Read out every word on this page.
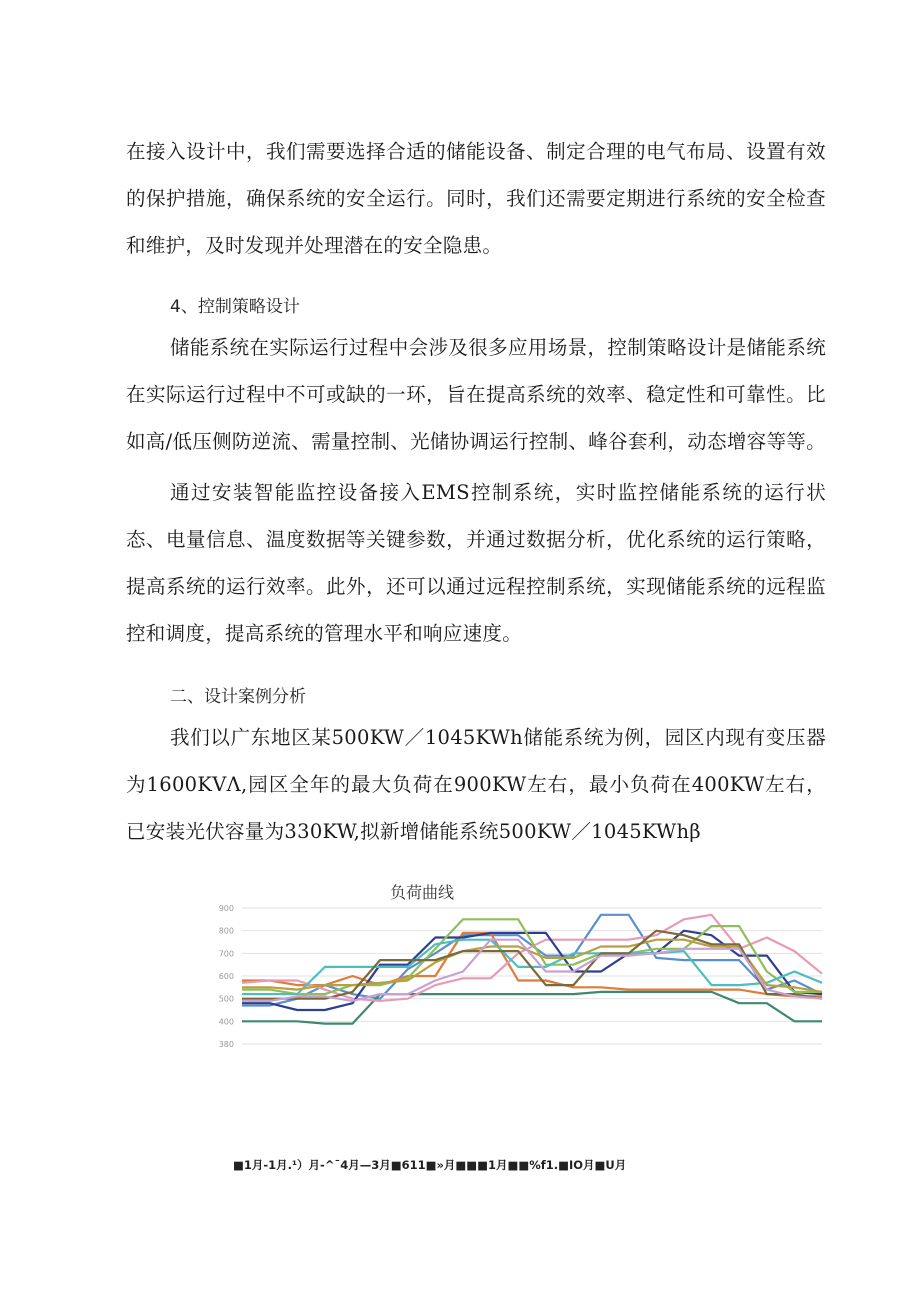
在接入设计中，我们需要选择合适的储能设备、制定合理的电气布局、设置有效的保护措施，确保系统的安全运行。同时，我们还需要定期进行系统的安全检查和维护，及时发现并处理潜在的安全隐患。

4、控制策略设计

储能系统在实际运行过程中会涉及很多应用场景，控制策略设计是储能系统在实际运行过程中不可或缺的一环，旨在提高系统的效率、稳定性和可靠性。比如高/低压侧防逆流、需量控制、光储协调运行控制、峰谷套利，动态增容等等。

通过安装智能监控设备接入EMS控制系统，实时监控储能系统的运行状态、电量信息、温度数据等关键参数，并通过数据分析，优化系统的运行策略，提高系统的运行效率。此外，还可以通过远程控制系统，实现储能系统的远程监控和调度，提高系统的管理水平和响应速度。

二、设计案例分析

我们以广东地区某500KW／1045KWh储能系统为例，园区内现有变压器为1600KVΛ,园区全年的最大负荷在900KW左右，最小负荷在400KW左右，已安装光伏容量为330KW,拟新增储能系统500KW／1045KWhβ

负荷曲线
900
800
700
600
500
400
380
■1月-1月.¹）月-^¯4月—3月■611■»月■■■1月■■%f1.■IO月■U月
